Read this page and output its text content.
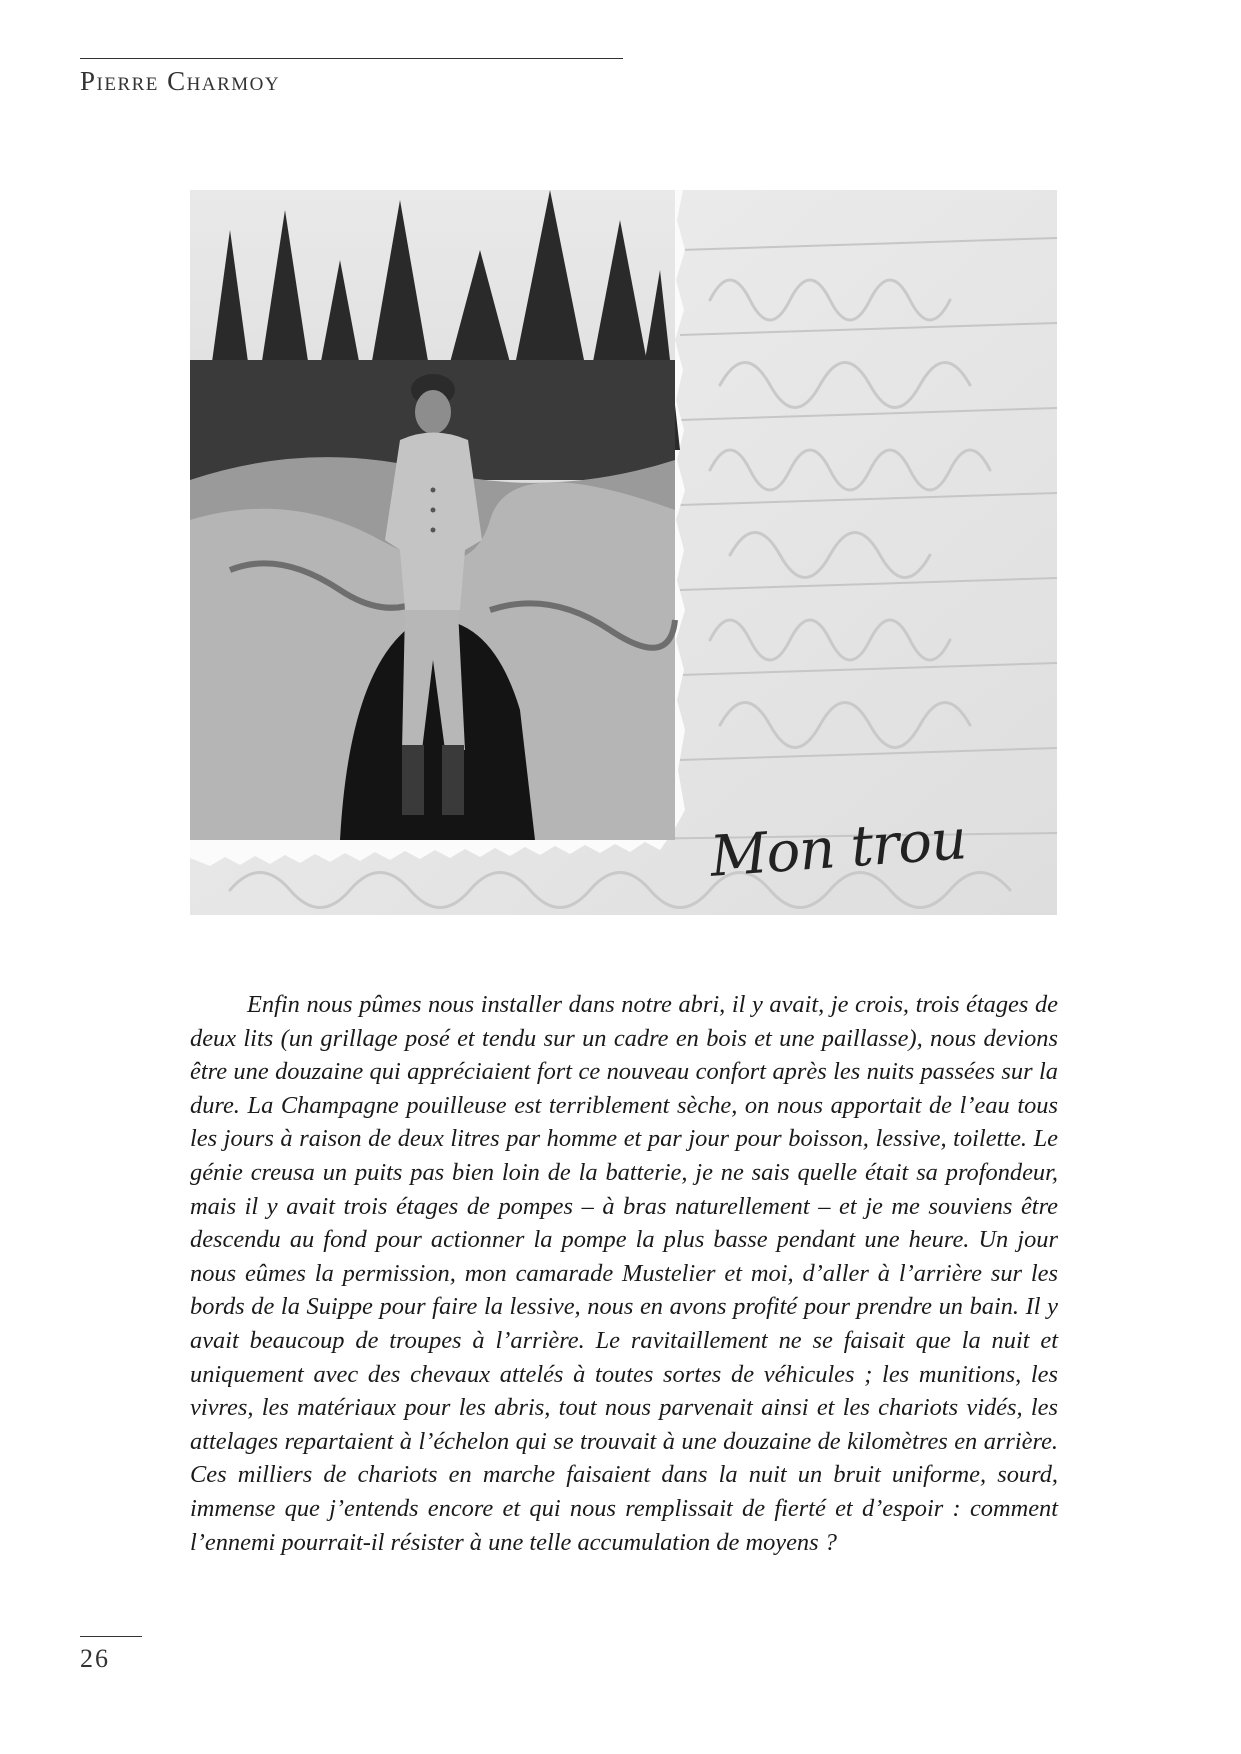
Pierre Charmoy
Mon trou

Enfin nous pûmes nous installer dans notre abri, il y avait, je crois, trois étages de deux lits (un grillage posé et tendu sur un cadre en bois et une paillasse), nous devions être une douzaine qui appréciaient fort ce nouveau confort après les nuits passées sur la dure. La Champagne pouilleuse est terriblement sèche, on nous apportait de l’eau tous les jours à raison de deux litres par homme et par jour pour boisson, lessive, toilette. Le génie creusa un puits pas bien loin de la batterie, je ne sais quelle était sa profondeur, mais il y avait trois étages de pompes – à bras naturellement – et je me souviens être descendu au fond pour actionner la pompe la plus basse pendant une heure. Un jour nous eûmes la permission, mon camarade Mustelier et moi, d’aller à l’arrière sur les bords de la Suippe pour faire la lessive, nous en avons profité pour prendre un bain. Il y avait beaucoup de troupes à l’arrière. Le ravitaillement ne se faisait que la nuit et uniquement avec des chevaux attelés à toutes sortes de véhicules ; les munitions, les vivres, les matériaux pour les abris, tout nous parvenait ainsi et les chariots vidés, les attelages repartaient à l’échelon qui se trouvait à une douzaine de kilomètres en arrière. Ces milliers de chariots en marche faisaient dans la nuit un bruit uniforme, sourd, immense que j’entends encore et qui nous remplissait de fierté et d’espoir : comment l’ennemi pourrait-il résister à une telle accumulation de moyens ?

26
